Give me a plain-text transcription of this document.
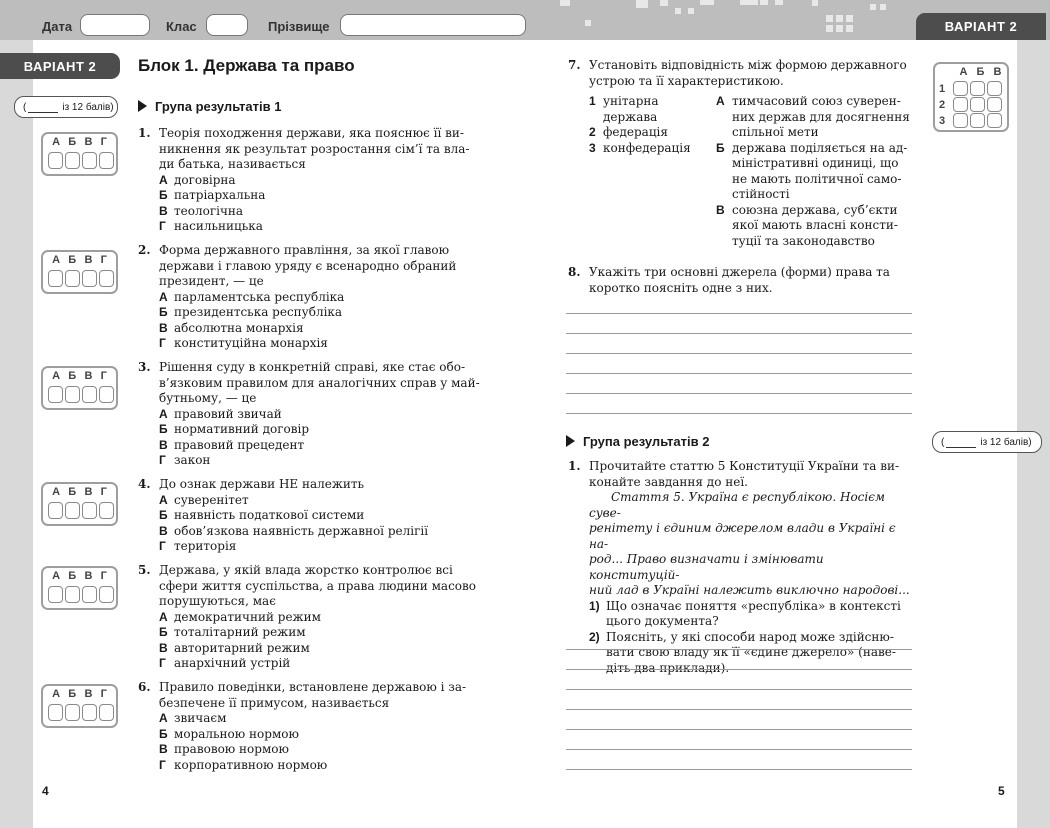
Дата	Клас	Прізвище	ВАРІАНТ 2
ВАРІАНТ 2	Блок 1. Держава та право
(	із 12 балів)	Група результатів 1
А Б В Г
А Б В Г
А Б В Г
А Б В Г
А Б В Г
А Б В Г
1. Теорія походження держави, яка пояснює її ви-
никнення як результат розростання сім’ї та вла-
ди батька, називається
А договірна
Б патріархальна
В теологічна
Г насильницька
2. Форма державного правління, за якої главою
держави і главою уряду є всенародно обраний
президент, — це
А парламентська республіка
Б президентська республіка
В абсолютна монархія
Г конституційна монархія
3. Рішення суду в конкретній справі, яке стає обо-
в’язковим правилом для аналогічних справ у май-
бутньому, — це
А правовий звичай
Б нормативний договір
В правовий прецедент
Г закон
4. До ознак держави НЕ належить
А суверенітет
Б наявність податкової системи
В обов’язкова наявність державної релігії
Г територія
5. Держава, у якій влада жорстко контролює всі
сфери життя суспільства, а права людини масово
порушуються, має
А демократичний режим
Б тоталітарний режим
В авторитарний режим
Г анархічний устрій
6. Правило поведінки, встановлене державою і за-
безпечене її примусом, називається
А звичаєм
Б моральною нормою
В правовою нормою
Г корпоративною нормою
4
А Б В
1
2
3
7. Установіть відповідність між формою державного
устрою та її характеристикою.
1 унітарна держава
2 федерація
3 конфедерація
А тимчасовий союз суверен-
них держав для досягнення
спільної мети
Б держава поділяється на ад-
міністративні одиниці, що
не мають політичної само-
стійності
В союзна держава, суб’єкти
якої мають власні консти-
туції та законодавство
8. Укажіть три основні джерела (форми) права та
коротко поясніть одне з них.
Група результатів 2	(	із 12 балів)
1. Прочитайте статтю 5 Конституції України та ви-
конайте завдання до неї.
Стаття 5. Україна є республікою. Носієм суве-
ренітету і єдиним джерелом влади в Україні є на-
род... Право визначати і змінювати конституцій-
ний лад в Україні належить виключно народові...
1) Що означає поняття «республіка» в контексті
цього документа?
2) Поясніть, у які способи народ може здійсню-
вати свою владу як її «єдине джерело» (наве-
діть два приклади).
5
